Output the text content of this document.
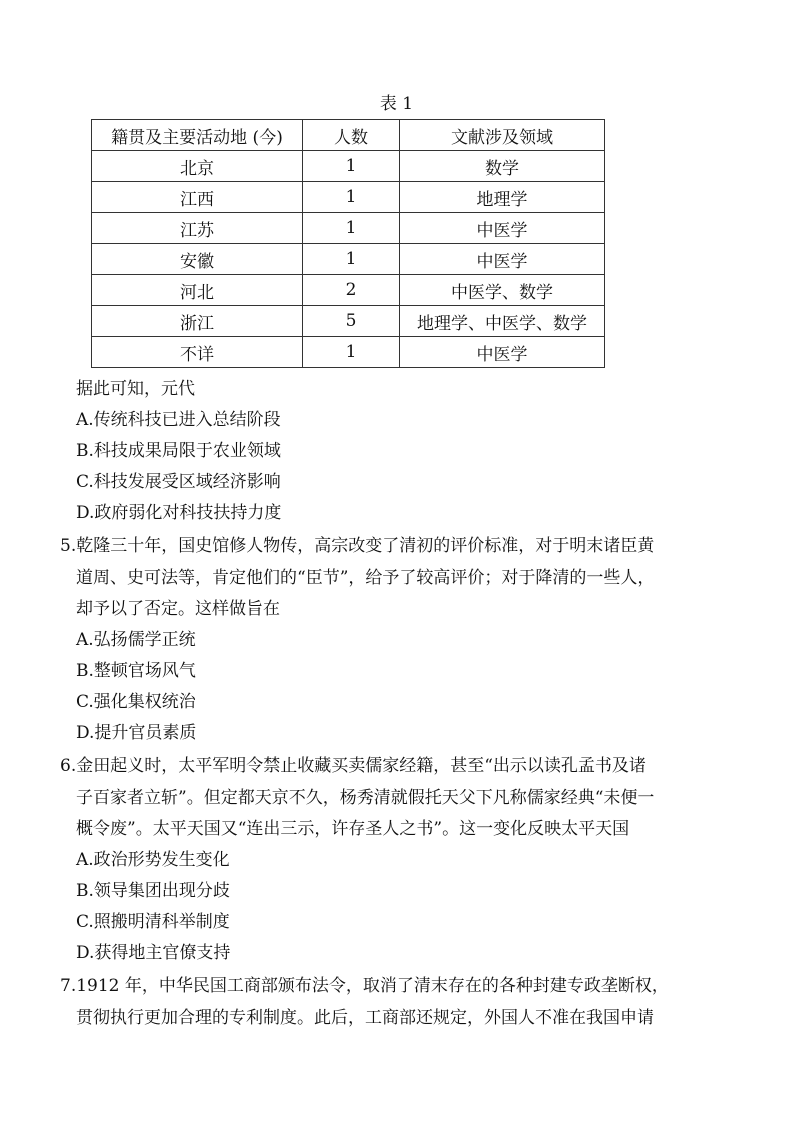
表 1
籍贯及主要活动地 (今)	人数	文献涉及领域
北京	1	数学
江西	1	地理学
江苏	1	中医学
安徽	1	中医学
河北	2	中医学、数学
浙江	5	地理学、中医学、数学
不详	1	中医学
据此可知，元代
A.传统科技已进入总结阶段
B.科技成果局限于农业领域
C.科技发展受区域经济影响
D.政府弱化对科技扶持力度
5.乾隆三十年，国史馆修人物传，高宗改变了清初的评价标准，对于明末诸臣黄
道周、史可法等，肯定他们的“臣节”，给予了较高评价；对于降清的一些人，
却予以了否定。这样做旨在
A.弘扬儒学正统
B.整顿官场风气
C.强化集权统治
D.提升官员素质
6.金田起义时，太平军明令禁止收藏买卖儒家经籍，甚至“出示以读孔孟书及诸
子百家者立斩”。但定都天京不久，杨秀清就假托天父下凡称儒家经典“未便一
概令废”。太平天国又“连出三示，许存圣人之书”。这一变化反映太平天国
A.政治形势发生变化
B.领导集团出现分歧
C.照搬明清科举制度
D.获得地主官僚支持
7.1912 年，中华民国工商部颁布法令，取消了清末存在的各种封建专政垄断权，
贯彻执行更加合理的专利制度。此后，工商部还规定，外国人不准在我国申请
